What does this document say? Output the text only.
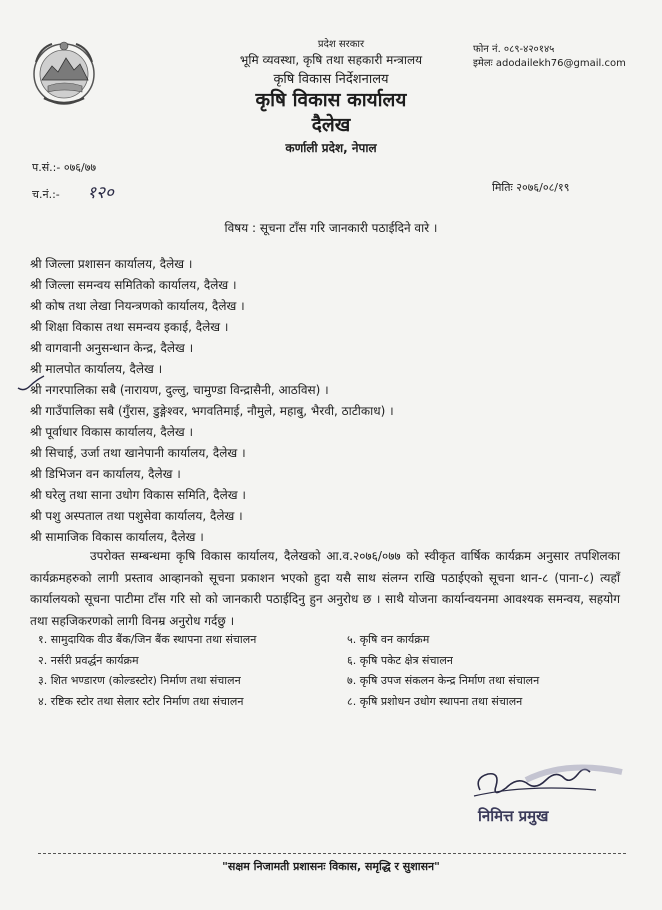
प्रदेश सरकार
भूमि व्यवस्था, कृषि तथा सहकारी मन्त्रालय
कृषि विकास निर्देशनालय
कृषि विकास कार्यालय
दैलेख
कर्णाली प्रदेश, नेपाल
फोन नं. ०८९-४२०१४५
इमेलः adodailekh76@gmail.com
प.सं.:- ०७६/७७
च.नं.:- १२०	मितिः २०७६/०८/१९
विषय : सूचना टाँस गरि जानकारी पठाईदिने वारे ।
श्री जिल्ला प्रशासन कार्यालय, दैलेख ।
श्री जिल्ला समन्वय समितिको कार्यालय, दैलेख ।
श्री कोष तथा लेखा नियन्त्रणको कार्यालय, दैलेख ।
श्री शिक्षा विकास तथा समन्वय इकाई, दैलेख ।
श्री वागवानी अनुसन्धान केन्द्र, दैलेख ।
श्री मालपोत कार्यालय, दैलेख ।
श्री नगरपालिका सबै (नारायण, दुल्लु, चामुण्डा विन्द्रासैनी, आठविस) ।
श्री गाउँपालिका सबै (गुँरास, डुङ्गेश्वर, भगवतिमाई, नौमुले, महाबु, भैरवी, ठाटीकाध) ।
श्री पूर्वाधार विकास कार्यालय, दैलेख ।
श्री सिचाई, उर्जा तथा खानेपानी कार्यालय, दैलेख ।
श्री डिभिजन वन कार्यालय, दैलेख ।
श्री घरेलु तथा साना उधोग विकास समिति, दैलेख ।
श्री पशु अस्पताल तथा पशुसेवा कार्यालय, दैलेख ।
श्री सामाजिक विकास कार्यालय, दैलेख ।

उपरोक्त सम्बन्धमा कृषि विकास कार्यालय, दैलेखको आ.व.२०७६/०७७ को स्वीकृत वार्षिक कार्यक्रम अनुसार तपशिलका कार्यक्रमहरुको लागी प्रस्ताव आव्हानको सूचना प्रकाशन भएको हुदा यसै साथ संलग्न राखि पठाईएको सूचना थान-८ (पाना-८) त्यहाँ कार्यालयको सूचना पाटीमा टाँस गरि सो को जानकारी पठाईदिनु हुन अनुरोध छ । साथै योजना कार्यान्वयनमा आवश्यक समन्वय, सहयोग तथा सहजिकरणको लागी विनम्र अनुरोध गर्दछु ।

१. सामुदायिक वीउ बैंक/जिन बैंक स्थापना तथा संचालन
२. नर्सरी प्रवर्द्धन कार्यक्रम
३. शित भण्डारण (कोल्डस्टोर) निर्माण तथा संचालन
४. रष्टिक स्टोर तथा सेलार स्टोर निर्माण तथा संचालन
५. कृषि वन कार्यक्रम
६. कृषि पकेट क्षेत्र संचालन
७. कृषि उपज संकलन केन्द्र निर्माण तथा संचालन
८. कृषि प्रशोधन उधोग स्थापना तथा संचालन
निमित्त प्रमुख
"सक्षम निजामती प्रशासनः विकास, समृद्धि र सुशासन"
